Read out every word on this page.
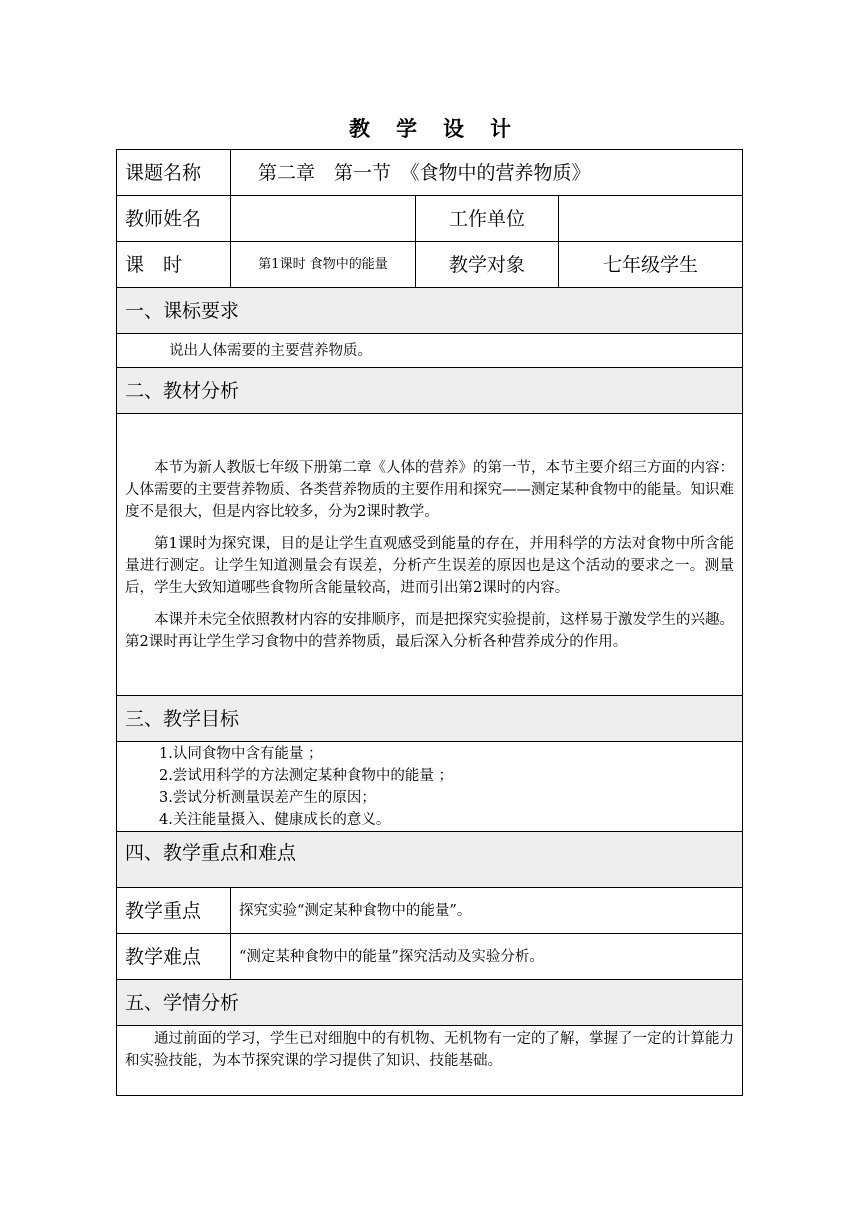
教学设计
课题名称	第二章　第一节　《食物中的营养物质》		
教师姓名		工作单位	
课　时	第1课时 食物中的能量	教学对象	七年级学生
一、课标要求			
说出人体需要的主要营养物质。			
二、教材分析			

本节为新人教版七年级下册第二章《人体的营养》的第一节，本节主要介绍三方面的内容：人体需要的主要营养物质、各类营养物质的主要作用和探究——测定某种食物中的能量。知识难度不是很大，但是内容比较多，分为2课时教学。

第1课时为探究课，目的是让学生直观感受到能量的存在，并用科学的方法对食物中所含能量进行测定。让学生知道测量会有误差，分析产生误差的原因也是这个活动的要求之一。测量后，学生大致知道哪些食物所含能量较高，进而引出第2课时的内容。

本课并未完全依照教材内容的安排顺序，而是把探究实验提前，这样易于激发学生的兴趣。第2课时再让学生学习食物中的营养物质，最后深入分析各种营养成分的作用。			

三、教学目标			

1.认同食物中含有能量 ；
2.尝试用科学的方法测定某种食物中的能量 ；
3.尝试分析测量误差产生的原因；
4.关注能量摄入、健康成长的意义。			

四、教学重点和难点			
教学重点	探究实验“测定某种食物中的能量”。		
教学难点	“测定某种食物中的能量”探究活动及实验分析。		
五、学情分析			

通过前面的学习，学生已对细胞中的有机物、无机物有一定的了解，掌握了一定的计算能力和实验技能，为本节探究课的学习提供了知识、技能基础。			
